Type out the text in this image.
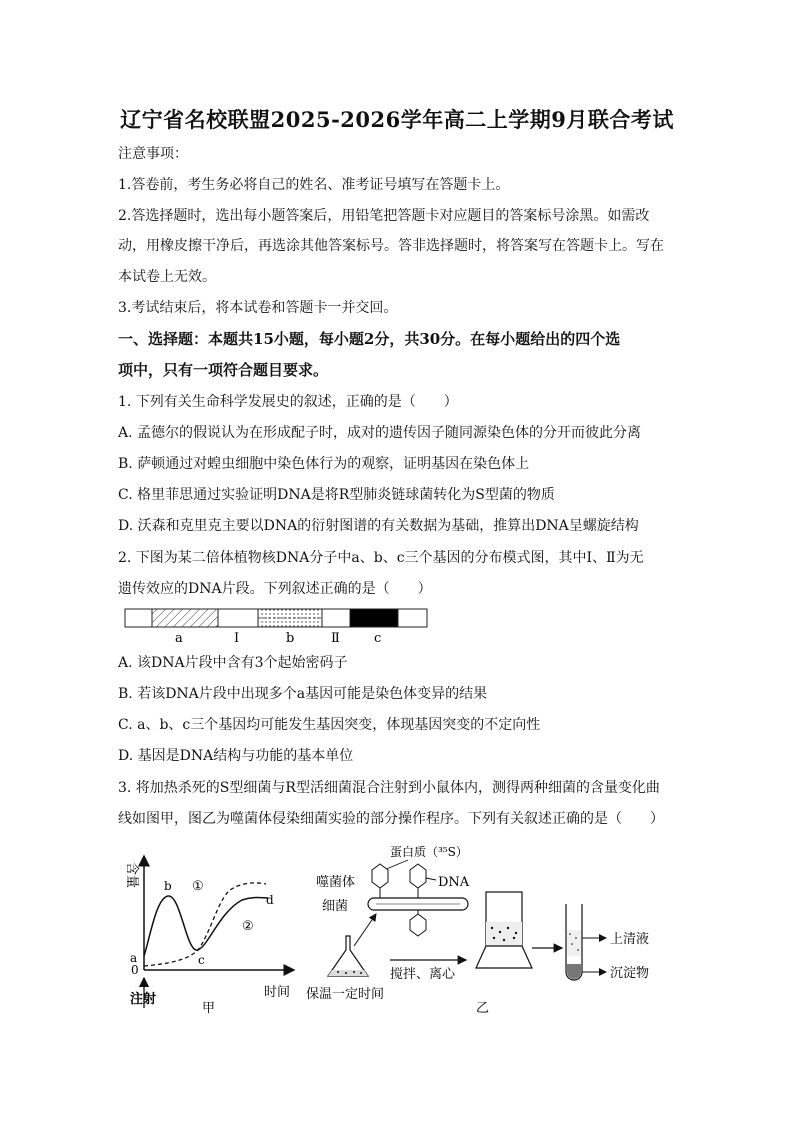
辽宁省名校联盟2025-2026学年高二上学期9月联合考试
注意事项：
1.答卷前，考生务必将自己的姓名、准考证号填写在答题卡上。
2.答选择题时，选出每小题答案后，用铅笔把答题卡对应题目的答案标号涂黑。如需改
动，用橡皮擦干净后，再选涂其他答案标号。答非选择题时，将答案写在答题卡上。写在
本试卷上无效。
3.考试结束后，将本试卷和答题卡一并交回。
一、选择题：本题共15小题，每小题2分，共30分。在每小题给出的四个选
项中，只有一项符合题目要求。
1. 下列有关生命科学发展史的叙述，正确的是（　　）
A. 孟德尔的假说认为在形成配子时，成对的遗传因子随同源染色体的分开而彼此分离
B. 萨顿通过对蝗虫细胞中染色体行为的观察，证明基因在染色体上
C. 格里菲思通过实验证明DNA是将R型肺炎链球菌转化为S型菌的物质
D. 沃森和克里克主要以DNA的衍射图谱的有关数据为基础，推算出DNA呈螺旋结构
2. 下图为某二倍体植物核DNA分子中a、b、c三个基因的分布模式图，其中Ⅰ、Ⅱ为无
遗传效应的DNA片段。下列叙述正确的是（　　）
a	Ⅰ	b	Ⅱ	c
A. 该DNA片段中含有3个起始密码子
B. 若该DNA片段中出现多个a基因可能是染色体变异的结果
C. a、b、c三个基因均可能发生基因突变，体现基因突变的不定向性
D. 基因是DNA结构与功能的基本单位
3. 将加热杀死的S型细菌与R型活细菌混合注射到小鼠体内，测得两种细菌的含量变化曲
线如图甲，图乙为噬菌体侵染细菌实验的部分操作程序。下列有关叙述正确的是（　　）
含量
a
0
b
c
d
①
②
注射	时间
甲
蛋白质（³⁵S）
噬菌体
细菌
DNA
保温一定时间
搅拌、离心
上清液
沉淀物
乙
